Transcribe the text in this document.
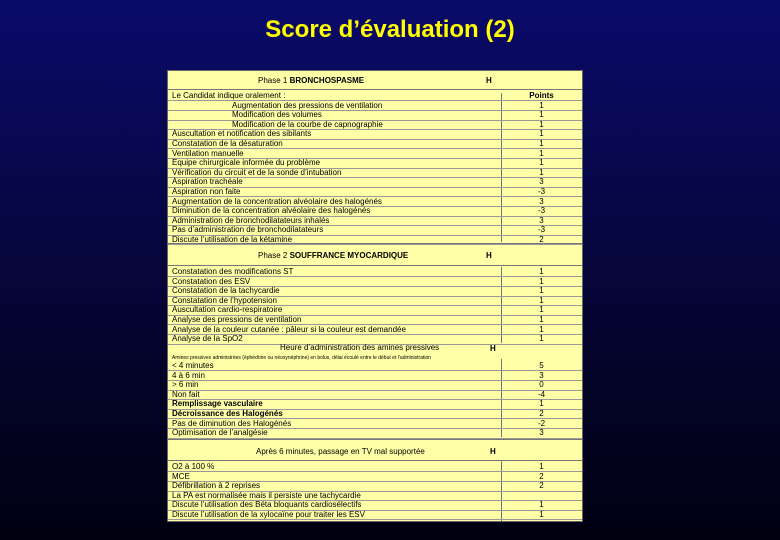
Score d’évaluation (2)
Phase 1 BRONCHOSPASME	H
Le Candidat indique oralement :	Points
Augmentation des pressions de ventilation	1
Modification des volumes	1
Modification de la courbe de capnographie	1
Auscultation et notification des sibilants	1
Constatation de la désaturation	1
Ventilation manuelle	1
Equipe chirurgicale informée du problème	1
Vérification du circuit et de la sonde d’intubation	1
Aspiration trachéale	3
Aspiration non faite	-3
Augmentation de la concentration alvéolaire des halogénés	3
Diminution de la concentration alvéolaire des halogénés	-3
Administration de bronchodilatateurs inhalés	3
Pas d’administration de bronchodilatateurs	-3
Discute l’utilisation de la kétamine	2
Phase 2 SOUFFRANCE MYOCARDIQUE	H
Constatation des modifications ST	1
Constatation des ESV	1
Constatation de la tachycardie	1
Constatation de l’hypotension	1
Auscultation cardio-respiratoire	1
Analyse des pressions de ventilation	1
Analyse de la couleur cutanée : pâleur si la couleur est demandée	1
Analyse de la SpO2	1
Heure d’administration des amines pressives	H
Amines pressives administrées (éphédrine ou néosynéphrine) en bolus, délai écoulé entre le début et l’administration
< 4 minutes	5
4 à 6 min	3
> 6 min	0
Non fait	-4
Remplissage vasculaire	1
Décroissance des Halogénés	2
Pas de diminution des Halogénés	-2
Optimisation de l’analgésie	3
Après 6 minutes, passage en TV mal supportée	H
O2 à 100 %	1
MCE	2
Défibrillation à 2 reprises	2
La PA est normalisée mais il persiste une tachycardie
Discute l’utilisation des Béta bloquants cardiosélectifs	1
Discute l’utilisation de la xylocaïne pour traiter les ESV	1
